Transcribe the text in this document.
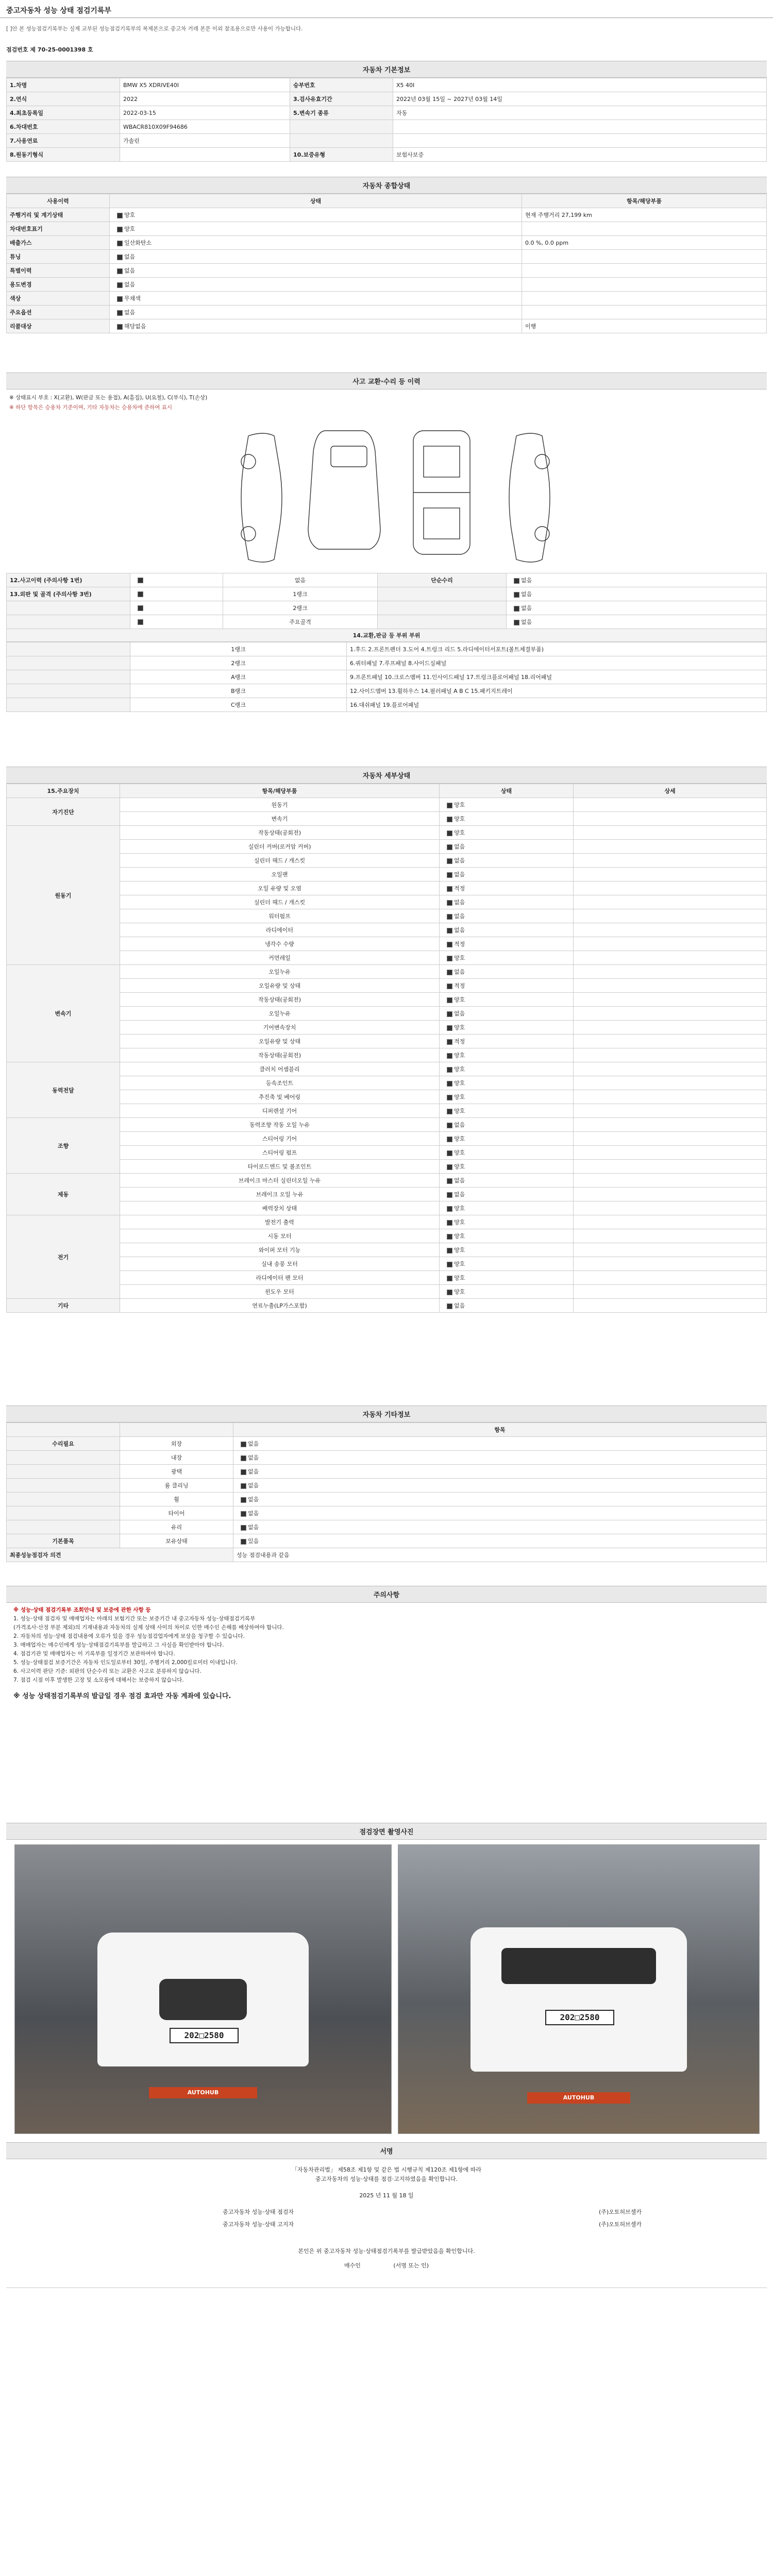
중고자동차 성능 상태 점검기록부
[ ]안 본 성능점검기록부는 실제 교부된 성능점검기록부의 복제본으로 중고차 거래 본문 이외 참조용으로만 사용이 가능합니다.
점검번호 제 70-25-0001398 호
자동차 기본정보
1.차명	BMW X5 XDRIVE40I	승부번호	X5 40I
2.연식	2022	3.검사유효기간	2022년 03월 15일 ~ 2027년 03월 14일
4.최초등록일	2022-03-15	5.변속기 종류	자동
6.차대번호	WBACR810X09F94686		
7.사용연료	가솔린		
8.원동기형식		10.보증유형	보험사보증
자동차 종합상태
사용이력	상태	항목/해당부품
주행거리 및 계기상태	양호	현재 주행거리 27,199 km
차대번호표기	양호	
배출가스	일산화탄소	0.0 %, 0.0 ppm
튜닝	없음	
특별이력	없음	
용도변경	없음	
색상	무채색	
주요옵션	없음	
리콜대상	해당없음	이행
사고 교환·수리 등 이력
※ 상태표시 부호 : X(교환), W(판금 또는 용접), A(흠집), U(요철), C(부식), T(손상)
※ 하단 항목은 승용차 기준이며, 기타 자동차는 승용차에 준하여 표시
12.사고이력 (주의사항 1번)		없음	단순수리	없음
13.외판 및 골격 (주의사항 3번)		1랭크		없음
		2랭크		없음
		주요골격		없음
14.교환,판금 등 부위 부위
	1랭크	1.후드 2.프론트펜더 3.도어 4.트렁크 리드 5.라디에이터서포트(볼트체결부품)
	2랭크	6.쿼터패널 7.루프패널 8.사이드실패널
	A랭크	9.프론트패널 10.크로스멤버 11.인사이드패널 17.트렁크플로어패널 18.리어패널
	B랭크	12.사이드멤버 13.휠하우스 14.필러패널 A B C 15.패키지트레이
	C랭크	16.대쉬패널 19.플로어패널
자동차 세부상태
15.주요장치	항목/해당부품	상태	상세
자기진단	원동기	양호	
	변속기	양호	
원동기	작동상태(공회전)	양호	
	실린더 커버(로커암 커버)	없음	
	실린더 헤드 / 개스킷	없음	
	오일팬	없음	
	오일 유량 및 오염	적정	
	실린더 헤드 / 개스킷	없음	
	워터펌프	없음	
	라디에이터	없음	
	냉각수 수량	적정	
	커먼레일	양호	
변속기	오일누유	없음	
	오일유량 및 상태	적정	
	작동상태(공회전)	양호	
	오일누유	없음	
	기어변속장치	양호	
	오일유량 및 상태	적정	
	작동상태(공회전)	양호	
동력전달	클러치 어셈블리	양호	
	등속조인트	양호	
	추진축 및 베어링	양호	
	디퍼렌셜 기어	양호	
조향	동력조향 작동 오일 누유	없음	
	스티어링 기어	양호	
	스티어링 펌프	양호	
	타이로드엔드 및 볼조인트	양호	
제동	브레이크 마스터 실린더오일 누유	없음	
	브레이크 오일 누유	없음	
	배력장치 상태	양호	
전기	발전기 출력	양호	
	시동 모터	양호	
	와이퍼 모터 기능	양호	
	실내 송풍 모터	양호	
	라디에이터 팬 모터	양호	
	윈도우 모터	양호	
기타	연료누출(LP가스포함)	없음	
자동차 기타정보
		항목
수리필요	외장	없음
	내장	없음
	광택	없음
	룸 클리닝	없음
	휠	없음
	타이어	없음
	유리	없음
기본품목	보유상태	있음
최종성능점검자 의견		성능 점검내용과 같음
주의사항
※ 성능·상태 점검기록부 조회안내 및 보증에 관한 사항 등
1. 성능·상태 점검자 및 매매업자는 아래의 보험기간 또는 보증기간 내 중고자동차 성능·상태점검기록부
(가격조사·산정 부분 제외)의 기재내용과 자동차의 실제 상태 사이의 차이로 인한 매수인 손해를 배상하여야 합니다.
2. 자동차의 성능·상태 점검내용에 오류가 있을 경우 성능점검업자에게 보상을 청구할 수 있습니다.
3. 매매업자는 매수인에게 성능·상태점검기록부를 발급하고 그 사실을 확인받아야 합니다.
4. 점검기관 및 매매업자는 이 기록부를 일정기간 보관하여야 합니다.
5. 성능·상태점검 보증기간은 자동차 인도일로부터 30일, 주행거리 2,000킬로미터 이내입니다.
6. 사고이력 판단 기준: 외판의 단순수리 또는 교환은 사고로 분류하지 않습니다.
7. 점검 시점 이후 발생한 고장 및 소모품에 대해서는 보증하지 않습니다.
※ 성능 상태점검기록부의 발급일 경우 점검 효과만 자동 계좌에 있습니다.
점검장면 촬영사진
202□2580
AUTOHUB
202□2580
AUTOHUB
서명
「자동차관리법」 제58조 제1항 및 같은 법 시행규칙 제120조 제1항에 따라
중고자동차의 성능·상태를 점검·고지하였음을 확인합니다.
2025 년 11 월 18 일
중고자동차 성능·상태 점검자	(주)오토허브셀카
중고자동차 성능·상태 고지자	(주)오토허브셀카
본인은 위 중고자동차 성능·상태점검기록부를 발급받았음을 확인합니다.
매수인	(서명 또는 인)
